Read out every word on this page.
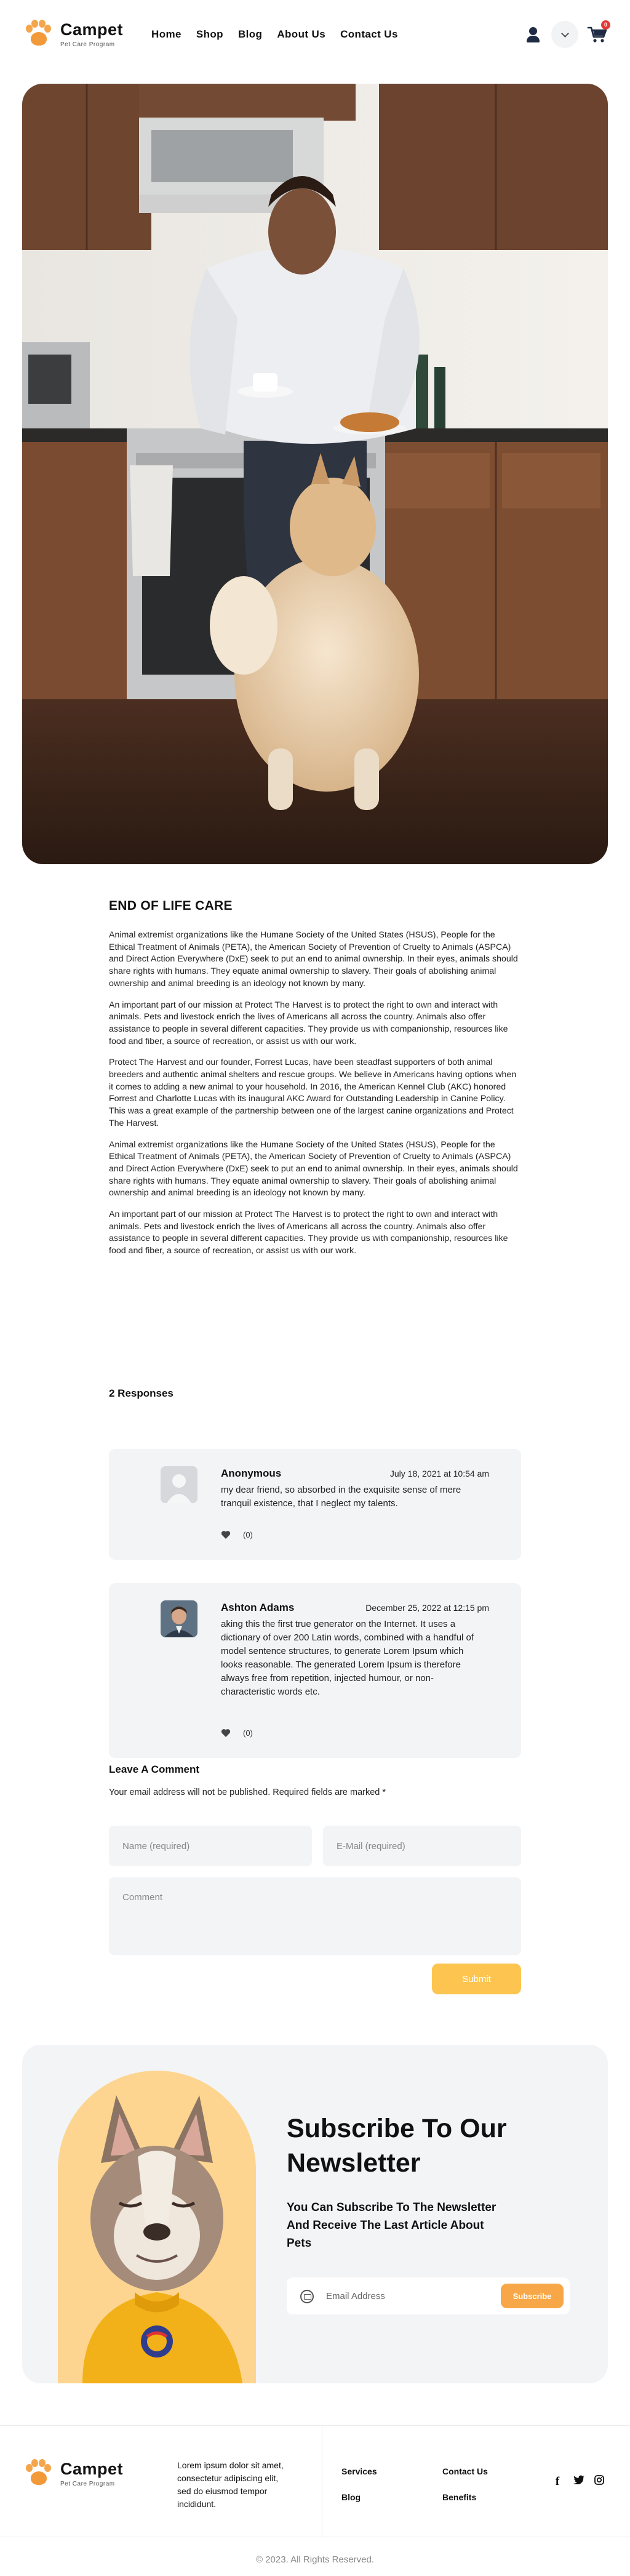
Campet
Pet Care Program
Home Shop Blog About Us Contact Us
0
END OF LIFE CARE

Animal extremist organizations like the Humane Society of the United States (HSUS), People for the Ethical Treatment of Animals (PETA), the American Society of Prevention of Cruelty to Animals (ASPCA) and Direct Action Everywhere (DxE) seek to put an end to animal ownership. In their eyes, animals should share rights with humans. They equate animal ownership to slavery. Their goals of abolishing animal ownership and animal breeding is an ideology not known by many.

An important part of our mission at Protect The Harvest is to protect the right to own and interact with animals. Pets and livestock enrich the lives of Americans all across the country. Animals also offer assistance to people in several different capacities. They provide us with companionship, resources like food and fiber, a source of recreation, or assist us with our work.

Protect The Harvest and our founder, Forrest Lucas, have been steadfast supporters of both animal breeders and authentic animal shelters and rescue groups. We believe in Americans having options when it comes to adding a new animal to your household. In 2016, the American Kennel Club (AKC) honored Forrest and Charlotte Lucas with its inaugural AKC Award for Outstanding Leadership in Canine Policy. This was a great example of the partnership between one of the largest canine organizations and Protect The Harvest.

Animal extremist organizations like the Humane Society of the United States (HSUS), People for the Ethical Treatment of Animals (PETA), the American Society of Prevention of Cruelty to Animals (ASPCA) and Direct Action Everywhere (DxE) seek to put an end to animal ownership. In their eyes, animals should share rights with humans. They equate animal ownership to slavery. Their goals of abolishing animal ownership and animal breeding is an ideology not known by many.

An important part of our mission at Protect The Harvest is to protect the right to own and interact with animals. Pets and livestock enrich the lives of Americans all across the country. Animals also offer assistance to people in several different capacities. They provide us with companionship, resources like food and fiber, a source of recreation, or assist us with our work.

2 Responses
Anonymous	July 18, 2021 at 10:54 am
my dear friend, so absorbed in the exquisite sense of mere tranquil existence, that I neglect my talents.
(0)
Ashton Adams	December 25, 2022 at 12:15 pm
aking this the first true generator on the Internet. It uses a dictionary of over 200 Latin words, combined with a handful of model sentence structures, to generate Lorem Ipsum which looks reasonable. The generated Lorem Ipsum is therefore always free from repetition, injected humour, or non-characteristic words etc.
(0)
Leave A Comment
Your email address will not be published. Required fields are marked *
Name (required)
E-Mail (required)
Comment
Submit
Subscribe To Our Newsletter
You Can Subscribe To The Newsletter And Receive The Last Article About Pets
Email Address
Subscribe
Campet
Pet Care Program
Lorem ipsum dolor sit amet, consectetur adipiscing elit, sed do eiusmod tempor incididunt.
Services	Contact Us
Blog	Benefits
f
© 2023. All Rights Reserved.
